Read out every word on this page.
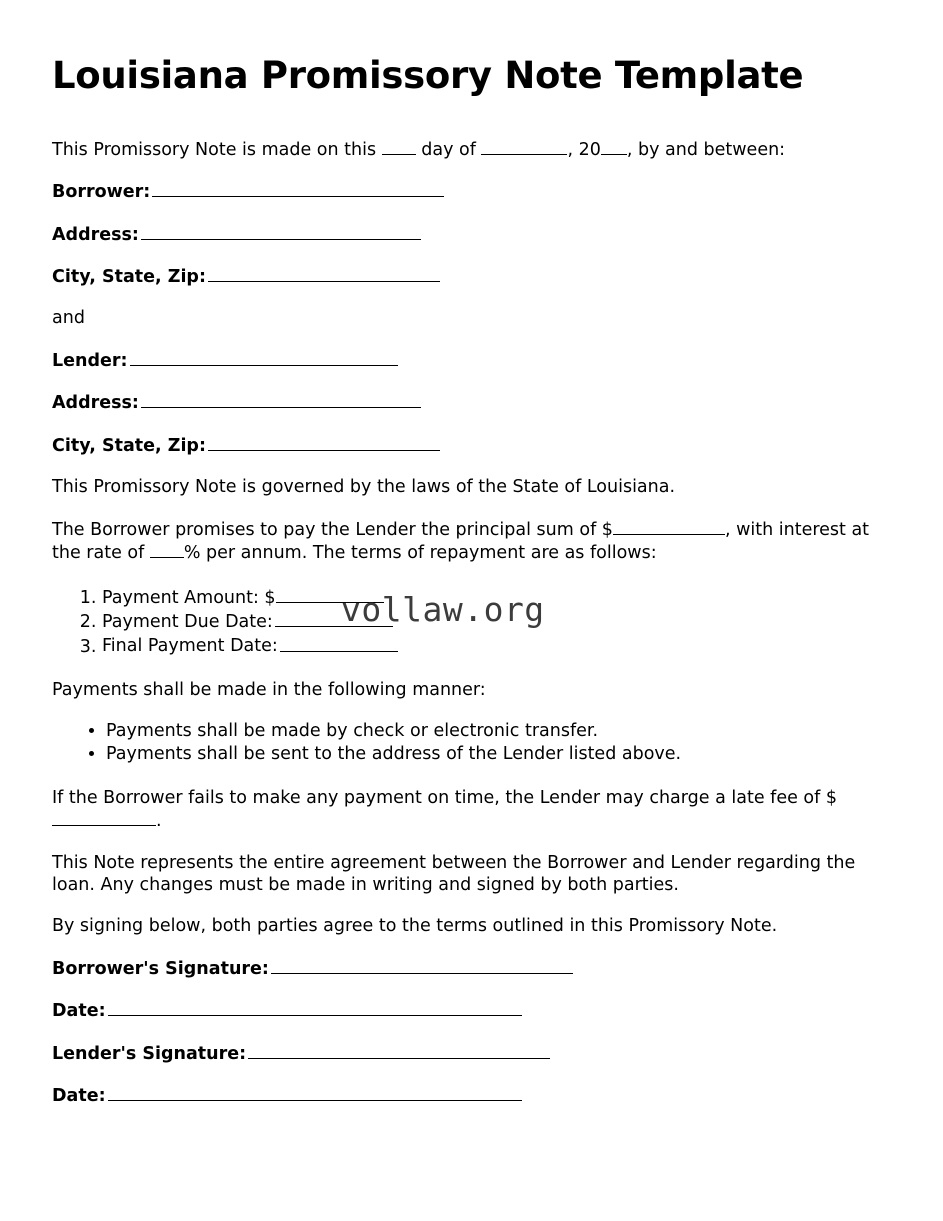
Louisiana Promissory Note Template

This Promissory Note is made on this	day of	, 20 , by and between:

Borrower:
Address:
City, State, Zip:

and

Lender:
Address:
City, State, Zip:

This Promissory Note is governed by the laws of the State of Louisiana.

The Borrower promises to pay the Lender the principal sum of $	, with interest at the rate of % per annum. The terms of repayment are as follows:

1. Payment Amount: $
2. Payment Due Date:
3. Final Payment Date:

Payments shall be made in the following manner:

• Payments shall be made by check or electronic transfer.
• Payments shall be sent to the address of the Lender listed above.

If the Borrower fails to make any payment on time, the Lender may charge a late fee of $.

This Note represents the entire agreement between the Borrower and Lender regarding the loan. Any changes must be made in writing and signed by both parties.

By signing below, both parties agree to the terms outlined in this Promissory Note.

Borrower's Signature:
Date:
Lender's Signature:
Date:
vollaw.org
